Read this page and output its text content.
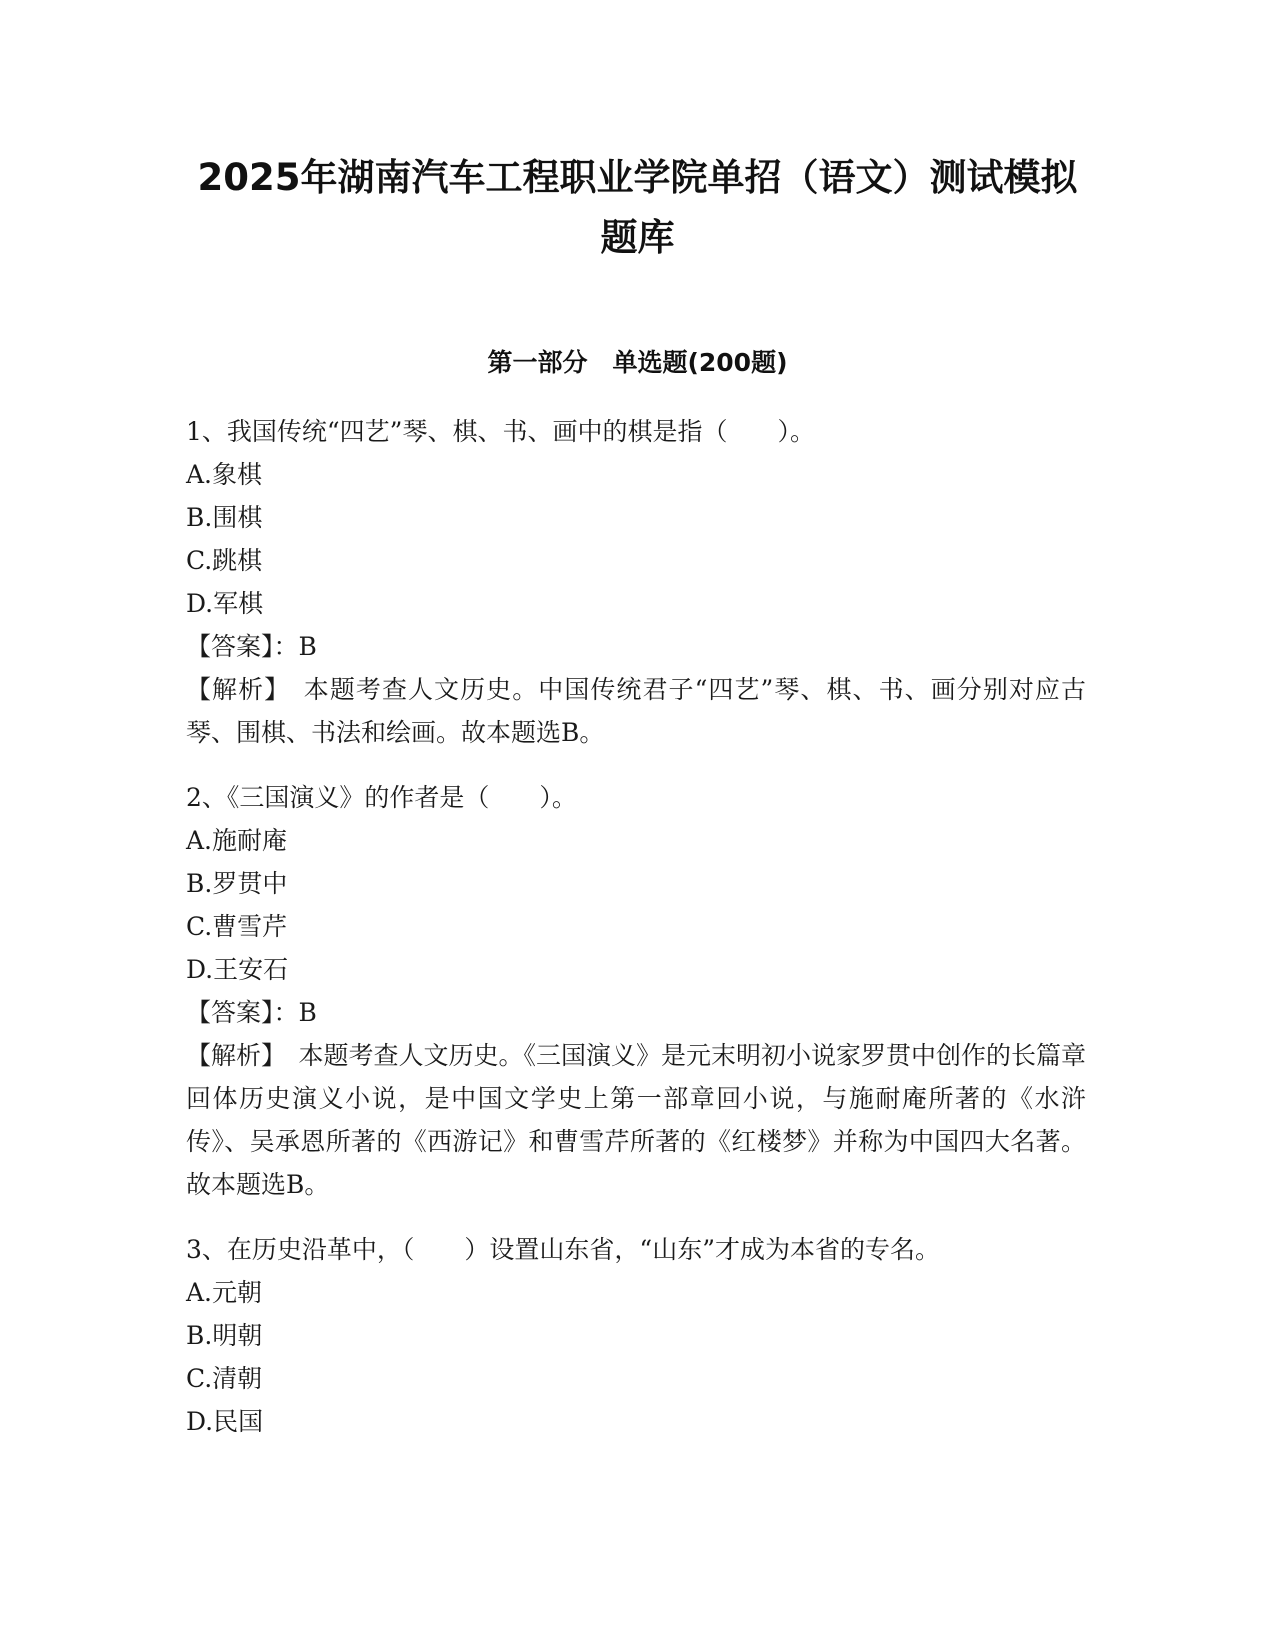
2025年湖南汽车工程职业学院单招（语文）测试模拟
题库
第一部分　单选题(200题)
1、我国传统“四艺”琴、棋、书、画中的棋是指（　　）。
A.象棋
B.围棋
C.跳棋
D.军棋
【答案】：B
【解析】　本题考查人文历史。中国传统君子“四艺”琴、棋、书、画分别对应古琴、围棋、书法和绘画。故本题选B。
2、《三国演义》的作者是（　　）。
A.施耐庵
B.罗贯中
C.曹雪芹
D.王安石
【答案】：B
【解析】　本题考查人文历史。《三国演义》是元末明初小说家罗贯中创作的长篇章回体历史演义小说，是中国文学史上第一部章回小说，与施耐庵所著的《水浒传》、吴承恩所著的《西游记》和曹雪芹所著的《红楼梦》并称为中国四大名著。故本题选B。
3、在历史沿革中，（　　）设置山东省，“山东”才成为本省的专名。
A.元朝
B.明朝
C.清朝
D.民国
